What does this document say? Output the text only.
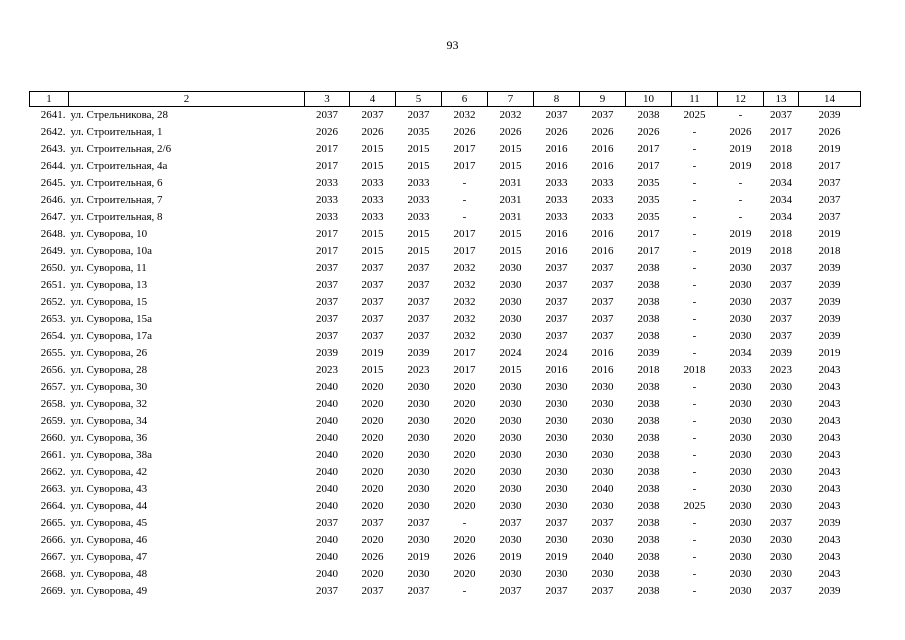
93
1	2	3	4	5	6	7	8	9	10	11	12	13	14
2641.	ул. Стрельникова, 28	2037	2037	2037	2032	2032	2037	2037	2038	2025	-	2037	2039
2642.	ул. Строительная, 1	2026	2026	2035	2026	2026	2026	2026	2026	-	2026	2017	2026
2643.	ул. Строительная, 2/6	2017	2015	2015	2017	2015	2016	2016	2017	-	2019	2018	2019
2644.	ул. Строительная, 4а	2017	2015	2015	2017	2015	2016	2016	2017	-	2019	2018	2017
2645.	ул. Строительная, 6	2033	2033	2033	-	2031	2033	2033	2035	-	-	2034	2037
2646.	ул. Строительная, 7	2033	2033	2033	-	2031	2033	2033	2035	-	-	2034	2037
2647.	ул. Строительная, 8	2033	2033	2033	-	2031	2033	2033	2035	-	-	2034	2037
2648.	ул. Суворова, 10	2017	2015	2015	2017	2015	2016	2016	2017	-	2019	2018	2019
2649.	ул. Суворова, 10а	2017	2015	2015	2017	2015	2016	2016	2017	-	2019	2018	2018
2650.	ул. Суворова, 11	2037	2037	2037	2032	2030	2037	2037	2038	-	2030	2037	2039
2651.	ул. Суворова, 13	2037	2037	2037	2032	2030	2037	2037	2038	-	2030	2037	2039
2652.	ул. Суворова, 15	2037	2037	2037	2032	2030	2037	2037	2038	-	2030	2037	2039
2653.	ул. Суворова, 15а	2037	2037	2037	2032	2030	2037	2037	2038	-	2030	2037	2039
2654.	ул. Суворова, 17а	2037	2037	2037	2032	2030	2037	2037	2038	-	2030	2037	2039
2655.	ул. Суворова, 26	2039	2019	2039	2017	2024	2024	2016	2039	-	2034	2039	2019
2656.	ул. Суворова, 28	2023	2015	2023	2017	2015	2016	2016	2018	2018	2033	2023	2043
2657.	ул. Суворова, 30	2040	2020	2030	2020	2030	2030	2030	2038	-	2030	2030	2043
2658.	ул. Суворова, 32	2040	2020	2030	2020	2030	2030	2030	2038	-	2030	2030	2043
2659.	ул. Суворова, 34	2040	2020	2030	2020	2030	2030	2030	2038	-	2030	2030	2043
2660.	ул. Суворова, 36	2040	2020	2030	2020	2030	2030	2030	2038	-	2030	2030	2043
2661.	ул. Суворова, 38а	2040	2020	2030	2020	2030	2030	2030	2038	-	2030	2030	2043
2662.	ул. Суворова, 42	2040	2020	2030	2020	2030	2030	2030	2038	-	2030	2030	2043
2663.	ул. Суворова, 43	2040	2020	2030	2020	2030	2030	2040	2038	-	2030	2030	2043
2664.	ул. Суворова, 44	2040	2020	2030	2020	2030	2030	2030	2038	2025	2030	2030	2043
2665.	ул. Суворова, 45	2037	2037	2037	-	2037	2037	2037	2038	-	2030	2037	2039
2666.	ул. Суворова, 46	2040	2020	2030	2020	2030	2030	2030	2038	-	2030	2030	2043
2667.	ул. Суворова, 47	2040	2026	2019	2026	2019	2019	2040	2038	-	2030	2030	2043
2668.	ул. Суворова, 48	2040	2020	2030	2020	2030	2030	2030	2038	-	2030	2030	2043
2669.	ул. Суворова, 49	2037	2037	2037	-	2037	2037	2037	2038	-	2030	2037	2039
